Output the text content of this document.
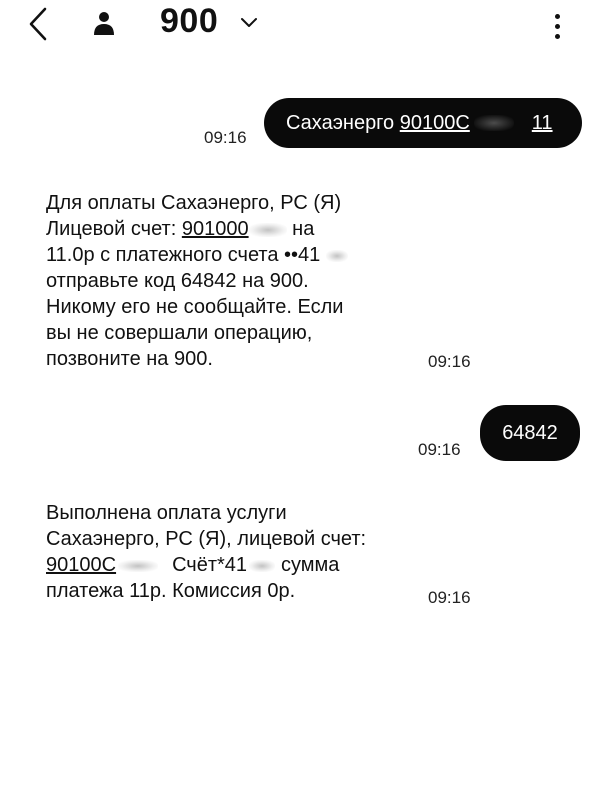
900
09:16
Сахаэнерго 90100С	11
Для оплаты Сахаэнерго, РС (Я)
Лицевой счет: 901000 на
11.0р с платежного счета ••41
отправьте код 64842 на 900.
Никому его не сообщайте. Если
вы не совершали операцию,
позвоните на 900.	09:16
09:16
64842
Выполнена оплата услуги
Сахаэнерго, РС (Я), лицевой счет:
90100С	Счёт*41 сумма
платежа 11р. Комиссия 0р.	09:16
